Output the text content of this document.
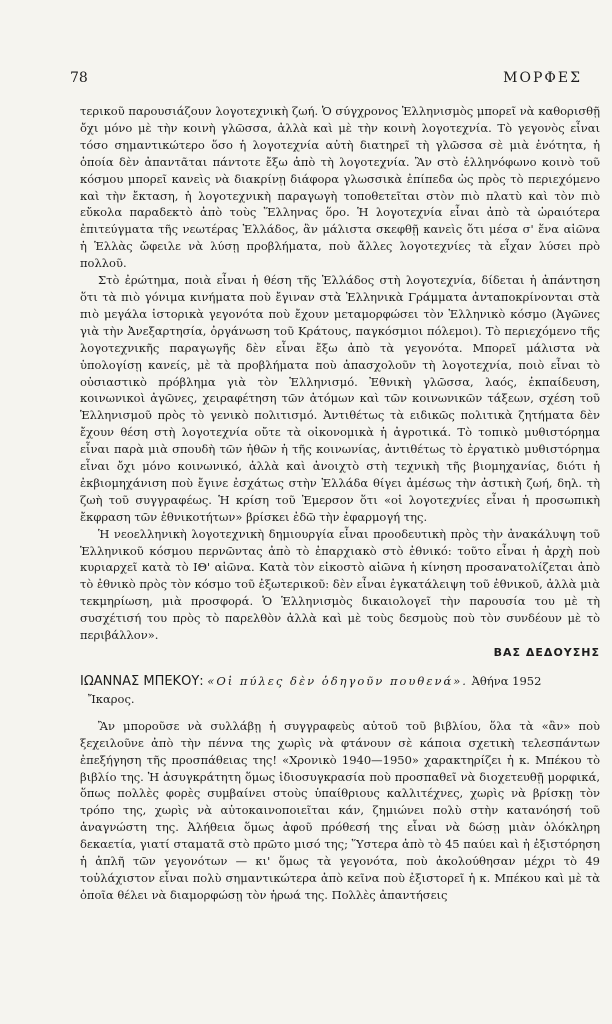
78	ΜΟΡΦΕΣ

τερικοῦ παρουσιάζουν λογοτεχνικὴ ζωή. Ὁ σύγχρονος Ἑλληνισμὸς μπορεῖ νὰ καθορισθῇ ὄχι μόνο μὲ τὴν κοινὴ γλῶσσα, ἀλλὰ καὶ μὲ τὴν κοινὴ λογοτεχνία. Τὸ γεγονὸς εἶναι τόσο σημαντικώτερο ὅσο ἡ λογοτεχνία αὐτὴ διατηρεῖ τὴ γλῶσσα σὲ μιὰ ἑνότητα, ἡ ὁποία δὲν ἀπαντᾶται πάντοτε ἔξω ἀπὸ τὴ λογοτεχνία. Ἂν στὸ ἑλληνόφωνο κοινὸ τοῦ κόσμου μπορεῖ κανεὶς νὰ διακρίνῃ διάφορα γλωσσικὰ ἐπίπεδα ὡς πρὸς τὸ περιεχόμενο καὶ τὴν ἔκταση, ἡ λογοτεχνικὴ παραγωγὴ τοποθετεῖται στὸν πιὸ πλατὺ καὶ τὸν πιὸ εὔκολα παραδεκτὸ ἀπὸ τοὺς Ἕλληνας ὅρο. Ἡ λογοτεχνία εἶναι ἀπὸ τὰ ὡραιότερα ἐπιτεύγματα τῆς νεωτέρας Ἑλλάδος, ἂν μάλιστα σκεφθῇ κανεὶς ὅτι μέσα σ' ἕνα αἰῶνα ἡ Ἑλλὰς ὤφειλε νὰ λύσῃ προβλήματα, ποὺ ἄλλες λογοτεχνίες τὰ εἶχαν λύσει πρὸ πολλοῦ.

Στὸ ἐρώτημα, ποιὰ εἶναι ἡ θέση τῆς Ἑλλάδος στὴ λογοτεχνία, δίδεται ἡ ἀπάντηση ὅτι τὰ πιὸ γόνιμα κινήματα ποὺ ἔγιναν στὰ Ἑλληνικὰ Γράμματα ἀνταποκρίνονται στὰ πιὸ μεγάλα ἱστορικὰ γεγονότα ποὺ ἔχουν μεταμορφώσει τὸν Ἑλληνικὸ κόσμο (Ἀγῶνες γιὰ τὴν Ἀνεξαρτησία, ὀργάνωση τοῦ Κράτους, παγκόσμιοι πόλεμοι). Τὸ περιεχόμενο τῆς λογοτεχνικῆς παραγωγῆς δὲν εἶναι ἔξω ἀπὸ τὰ γεγονότα. Μπορεῖ μάλιστα νὰ ὑπολογίσῃ κανείς, μὲ τὰ προβλήματα ποὺ ἀπασχολοῦν τὴ λογοτεχνία, ποιὸ εἶναι τὸ οὐσιαστικὸ πρόβλημα γιὰ τὸν Ἑλληνισμό. Ἐθνικὴ γλῶσσα, λαός, ἐκπαίδευση, κοινωνικοὶ ἀγῶνες, χειραφέτηση τῶν ἀτόμων καὶ τῶν κοινωνικῶν τάξεων, σχέση τοῦ Ἑλληνισμοῦ πρὸς τὸ γενικὸ πολιτισμό. Ἀντιθέτως τὰ ειδικῶς πολιτικὰ ζητήματα δὲν ἔχουν θέση στὴ λογοτεχνία οὔτε τὰ οἰκονομικὰ ἡ ἀγροτικά. Τὸ τοπικὸ μυθιστόρημα εἶναι παρὰ μιὰ σπουδὴ τῶν ἠθῶν ἡ τῆς κοινωνίας, ἀντιθέτως τὸ ἐργατικὸ μυθιστόρημα εἶναι ὄχι μόνο κοινωνικό, ἀλλὰ καὶ ἀνοιχτὸ στὴ τεχνικὴ τῆς βιομηχανίας, διότι ἡ ἐκβιομηχάνιση ποὺ ἔγινε ἐσχάτως στὴν Ἑλλάδα θίγει ἀμέσως τὴν ἀστικὴ ζωή, δηλ. τὴ ζωὴ τοῦ συγγραφέως. Ἡ κρίση τοῦ Ἐμερσον ὅτι «οἱ λογοτεχνίες εἶναι ἡ προσωπικὴ ἔκφραση τῶν ἐθνικοτήτων» βρίσκει ἐδῶ τὴν ἐφαρμογή της.

Ἡ νεοελληνικὴ λογοτεχνικὴ δημιουργία εἶναι προοδευτικὴ πρὸς τὴν ἀνακάλυψη τοῦ Ἑλληνικοῦ κόσμου περνῶντας ἀπὸ τὸ ἐπαρχιακὸ στὸ ἐθνικό: τοῦτο εἶναι ἡ ἀρχὴ ποὺ κυριαρχεῖ κατὰ τὸ ΙΘ' αἰῶνα. Κατὰ τὸν εἰκοστὸ αἰῶνα ἡ κίνηση προσανατολίζεται ἀπὸ τὸ ἐθνικὸ πρὸς τὸν κόσμο τοῦ ἐξωτερικοῦ: δὲν εἶναι ἐγκατάλειψη τοῦ ἐθνικοῦ, ἀλλὰ μιὰ τεκμηρίωση, μιὰ προσφορά. Ὁ Ἑλληνισμὸς δικαιολογεῖ τὴν παρουσία του μὲ τὴ συσχέτισή του πρὸς τὸ παρελθὸν ἀλλὰ καὶ μὲ τοὺς δεσμοὺς ποὺ τὸν συνδέουν μὲ τὸ περιβάλλον».

ΒΑΣ ΔΕΔΟΥΣΗΣ
ΙΩΑΝΝΑΣ ΜΠΕΚΟΥ: «Οἱ πύλες δὲν ὁδηγοῦν πουθενά». Ἀθήνα 1952
Ἴκαρος.

Ἂν μποροῦσε νὰ συλλάβῃ ἡ συγγραφεὺς αὐτοῦ τοῦ βιβλίου, ὅλα τὰ «ἂν» ποὺ ξεχειλοῦνε ἀπὸ τὴν πέννα της χωρὶς νὰ φτάνουν σὲ κάποια σχετικὴ τελεσπάντων ἐπεξήγηση τῆς προσπάθειας της! «Χρονικὸ 1940—1950» χαρακτηρίζει ἡ κ. Μπέκου τὸ βιβλίο της. Ἡ ἀσυγκράτητη ὅμως ἰδιοσυγκρασία ποὺ προσπαθεῖ νὰ διοχετευθῇ μορφικά, ὅπως πολλὲς φορὲς συμβαίνει στοὺς ὑπαίθριους καλλιτέχνες, χωρὶς νὰ βρίσκῃ τὸν τρόπο της, χωρὶς νὰ αὐτοκαινοποιεῖται κάν, ζημιώνει πολὺ στὴν κατανόησή τοῦ ἀναγνώστη της. Ἀλήθεια ὅμως ἀφοῦ πρόθεσή της εἶναι νὰ δώσῃ μιὰν ὁλόκληρη δεκαετία, γιατί σταματᾶ στὸ πρῶτο μισό της; Ὕστερα ἀπὸ τὸ 45 παύει καὶ ἡ ἐξιστόρηση ἡ ἁπλῆ τῶν γεγονότων — κι' ὅμως τὰ γεγονότα, ποὺ ἀκολούθησαν μέχρι τὸ 49 τοὐλάχιστον εἶναι πολὺ σημαντικώτερα ἀπὸ κεῖνα ποὺ ἐξιστορεῖ ἡ κ. Μπέκου καὶ μὲ τὰ ὁποῖα θέλει νὰ διαμορφώσῃ τὸν ἡρωά της. Πολλὲς ἀπαντήσεις
